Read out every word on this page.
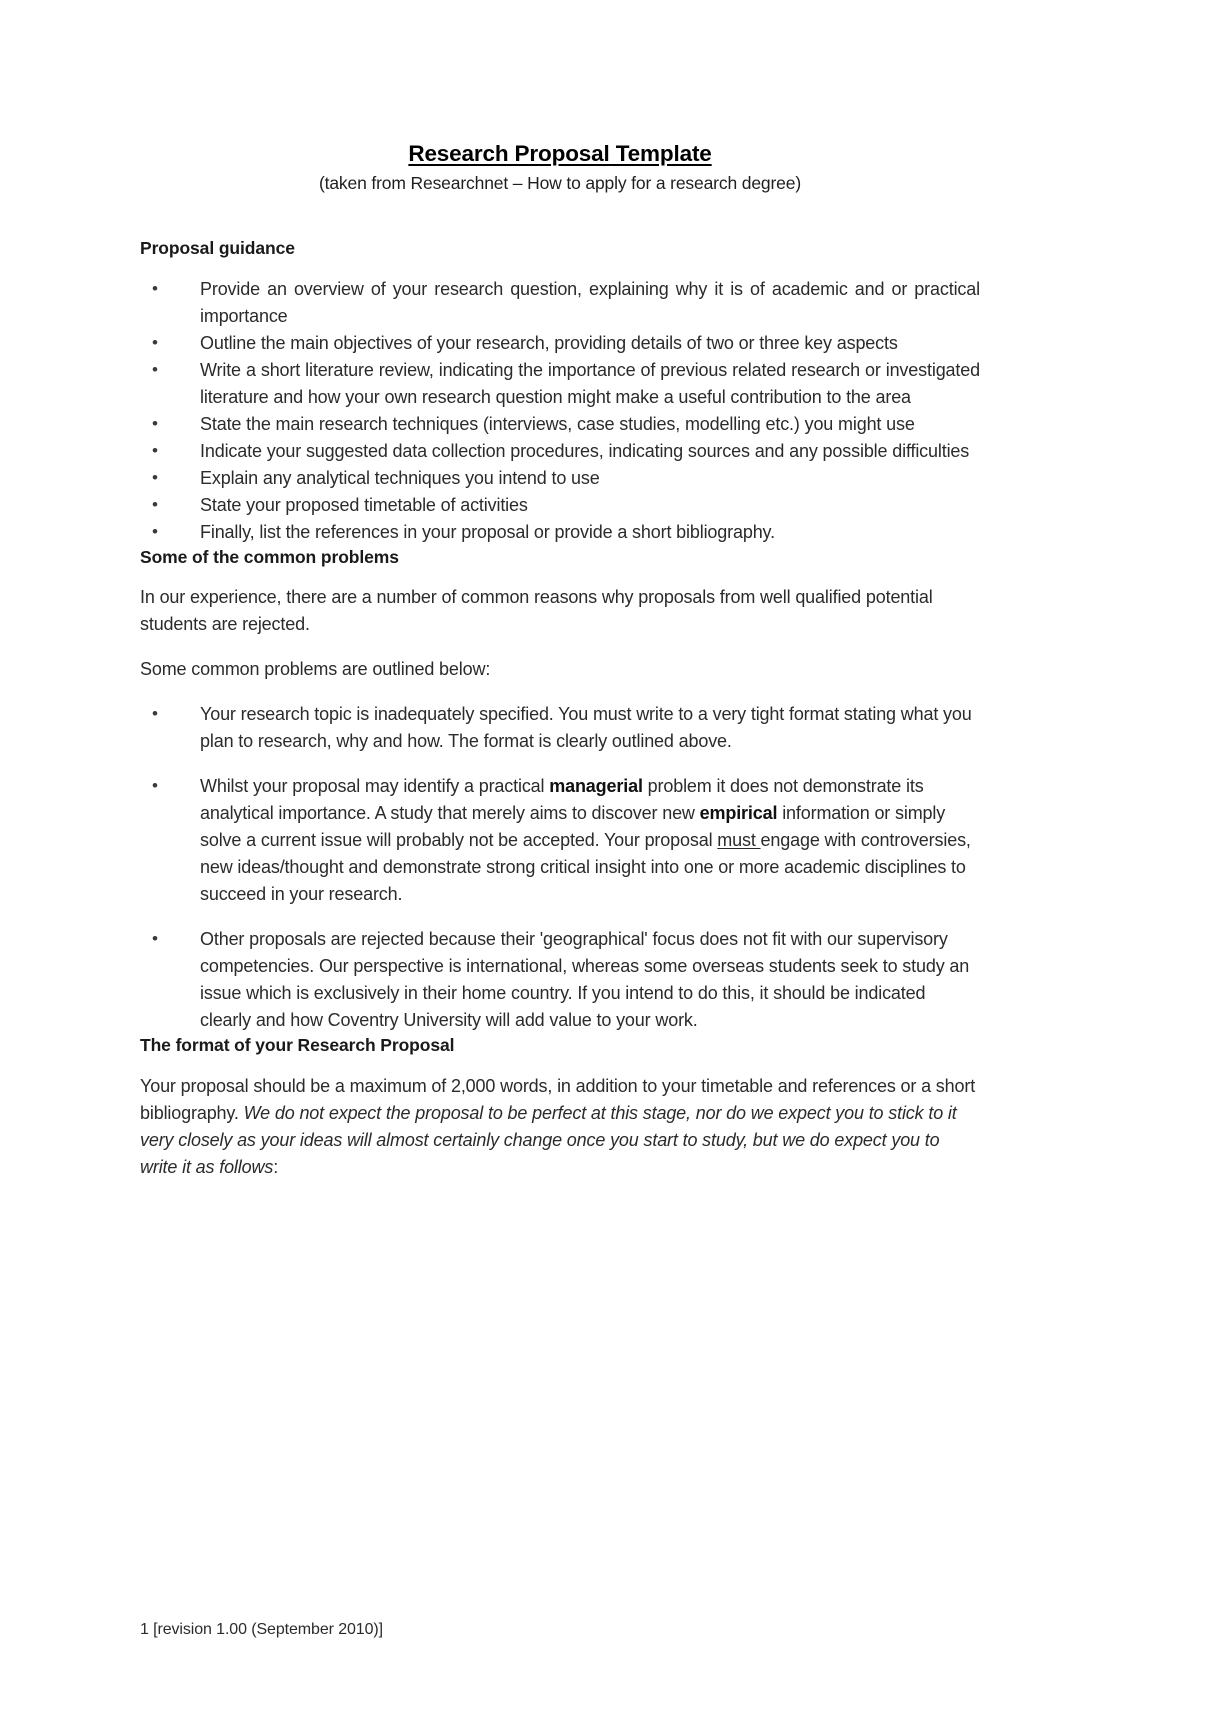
Research Proposal Template
(taken from Researchnet – How to apply for a research degree)
Proposal guidance
• Provide an overview of your research question, explaining why it is of academic and or practical importance
• Outline the main objectives of your research, providing details of two or three key aspects
• Write a short literature review, indicating the importance of previous related research or investigated literature and how your own research question might make a useful contribution to the area
• State the main research techniques (interviews, case studies, modelling etc.) you might use
• Indicate your suggested data collection procedures, indicating sources and any possible difficulties
• Explain any analytical techniques you intend to use
• State your proposed timetable of activities
• Finally, list the references in your proposal or provide a short bibliography.
Some of the common problems

In our experience, there are a number of common reasons why proposals from well qualified potential students are rejected.

Some common problems are outlined below:

• Your research topic is inadequately specified. You must write to a very tight format stating what you plan to research, why and how. The format is clearly outlined above.
• Whilst your proposal may identify a practical managerial problem it does not demonstrate its analytical importance. A study that merely aims to discover new empirical information or simply solve a current issue will probably not be accepted. Your proposal must engage with controversies, new ideas/thought and demonstrate strong critical insight into one or more academic disciplines to succeed in your research.
• Other proposals are rejected because their 'geographical' focus does not fit with our supervisory competencies. Our perspective is international, whereas some overseas students seek to study an issue which is exclusively in their home country. If you intend to do this, it should be indicated clearly and how Coventry University will add value to your work.
The format of your Research Proposal

Your proposal should be a maximum of 2,000 words, in addition to your timetable and references or a short bibliography. We do not expect the proposal to be perfect at this stage, nor do we expect you to stick to it very closely as your ideas will almost certainly change once you start to study, but we do expect you to write it as follows:

1 [revision 1.00 (September 2010)]
